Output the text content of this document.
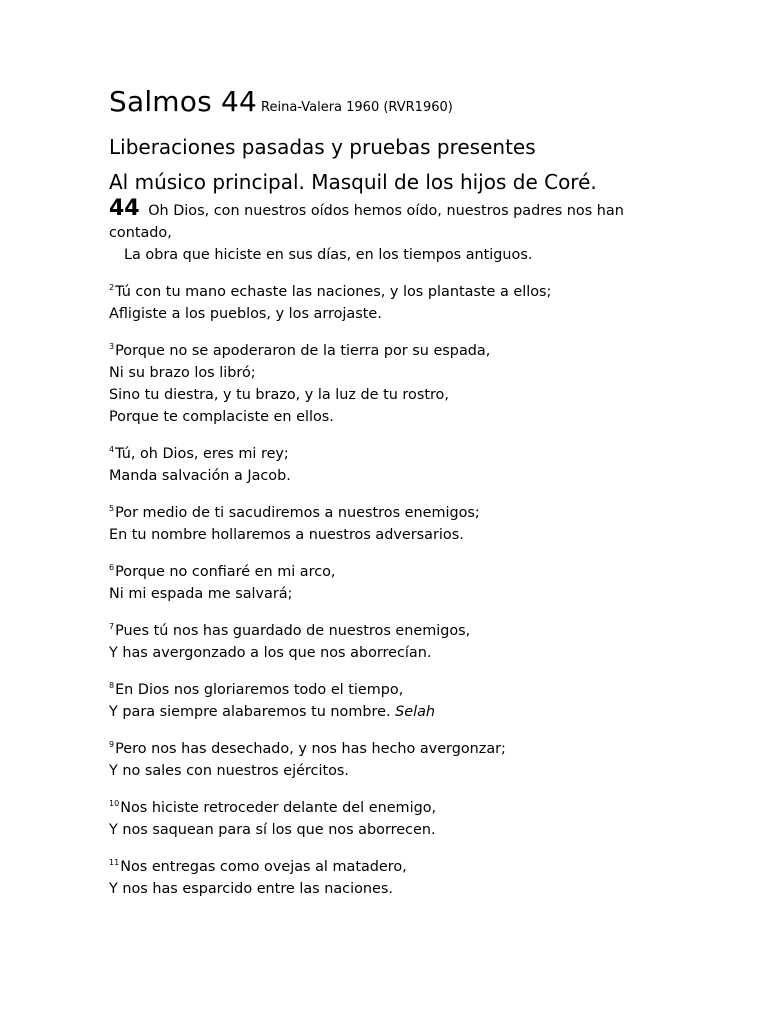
Salmos 44 Reina-Valera 1960 (RVR1960)
Liberaciones pasadas y pruebas presentes
Al músico principal. Masquil de los hijos de Coré.

44 Oh Dios, con nuestros oídos hemos oído, nuestros padres nos han contado,
La obra que hiciste en sus días, en los tiempos antiguos.

$^2$Tú con tu mano echaste las naciones, y los plantaste a ellos;
Afligiste a los pueblos, y los arrojaste.

$^3$Porque no se apoderaron de la tierra por su espada,
Ni su brazo los libró;
Sino tu diestra, y tu brazo, y la luz de tu rostro,
Porque te complaciste en ellos.

$^4$Tú, oh Dios, eres mi rey;
Manda salvación a Jacob.

$^5$Por medio de ti sacudiremos a nuestros enemigos;
En tu nombre hollaremos a nuestros adversarios.

$^6$Porque no confiaré en mi arco,
Ni mi espada me salvará;

$^7$Pues tú nos has guardado de nuestros enemigos,
Y has avergonzado a los que nos aborrecían.

$^8$En Dios nos gloriaremos todo el tiempo,
Y para siempre alabaremos tu nombre. Selah

$^9$Pero nos has desechado, y nos has hecho avergonzar;
Y no sales con nuestros ejércitos.

$^{10}$Nos hiciste retroceder delante del enemigo,
Y nos saquean para sí los que nos aborrecen.

$^{11}$Nos entregas como ovejas al matadero,
Y nos has esparcido entre las naciones.
